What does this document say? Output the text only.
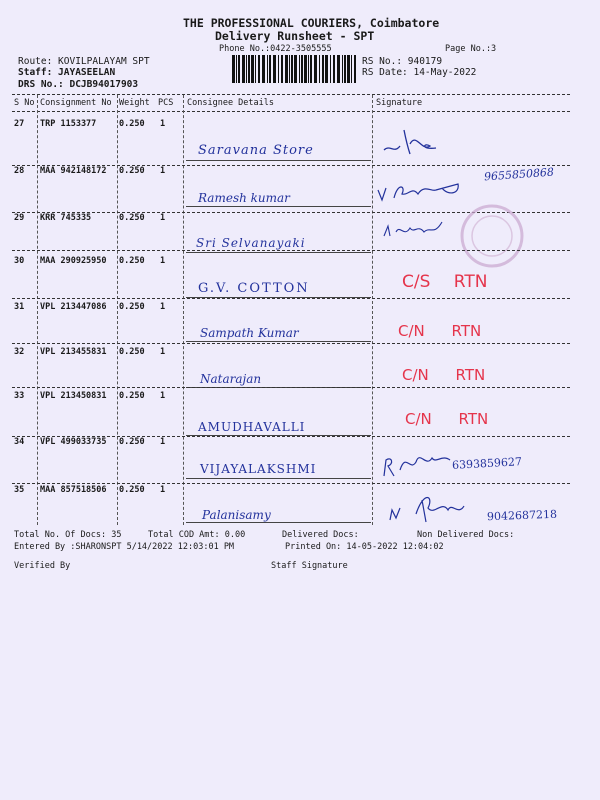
THE PROFESSIONAL COURIERS, Coimbatore
Delivery Runsheet - SPT
Phone No.:0422-3505555	Page No.:3
Route: KOVILPALAYAM SPT
Staff: JAYASEELAN
DRS No.: DCJB94017903
RS No.: 940179
RS Date: 14-May-2022
S No Consignment No Weight PCS Consignee Details	Signature
27 TRP 1153377	0.250 1
Saravana Store
28 MAA 942148172 0.250 1
Ramesh kumar
9655850868
29 KRR 745335	0.250 1
Sri Selvanayaki
30 MAA 290925950 0.250 1
G.V. COTTON	C/S RTN
31 VPL 213447086 0.250 1
Sampath Kumar	C/N RTN
32 VPL 213455831 0.250 1
Natarajan	C/N RTN
33 VPL 213450831 0.250 1
AMUDHAVALLI	C/N RTN
34 VPL 499033735 0.250 1
VIJAYALAKSHMI	6393859627
35 MAA 857518506 0.250 1
Palanisamy	9042687218
Total No. Of Docs: 35	Total COD Amt: 0.00	Delivered Docs:	Non Delivered Docs:
Entered By :SHARONSPT 5/14/2022 12:03:01 PM	Printed On: 14-05-2022 12:04:02
Verified By	Staff Signature
